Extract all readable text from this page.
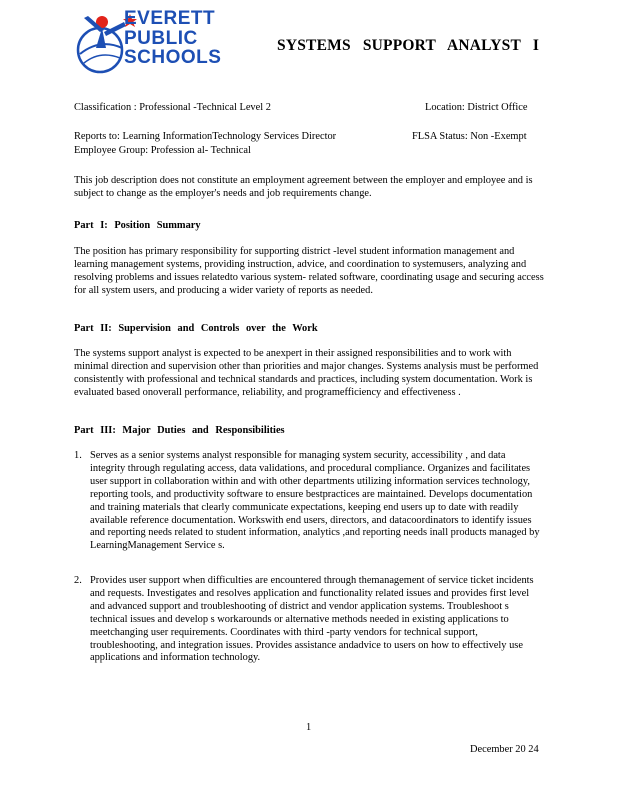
EVERETT
PUBLIC
SCHOOLS
SYSTEMS SUPPORT ANALYST I
Classification : Professional -Technical Level 2	Location: District Office
Reports to: Learning InformationTechnology Services Director	FLSA Status: Non -Exempt
Employee Group: Profession al- Technical
This job description does not constitute an employment agreement between the employer and employee and is subject to change as the employer's needs and job requirements change.
Part I: Position Summary
The position has primary responsibility for supporting district -level student information management and learning management systems, providing instruction, advice, and coordination to systemusers, analyzing and resolving problems and issues relatedto various system- related software, coordinating usage and securing access for all system users, and producing a wider variety of reports as needed.
Part II: Supervision and Controls over the Work
The systems support analyst is expected to be anexpert in their assigned responsibilities and to work with minimal direction and supervision other than priorities and major changes. Systems analysis must be performed consistently with professional and technical standards and practices, including system documentation. Work is evaluated based onoverall performance, reliability, and programefficiency and effectiveness .
Part III: Major Duties and Responsibilities
1. Serves as a senior systems analyst responsible for managing system security, accessibility , and data integrity through regulating access, data validations, and procedural compliance. Organizes and facilitates user support in collaboration within and with other departments utilizing information services technology, reporting tools, and productivity software to ensure bestpractices are maintained. Develops documentation and training materials that clearly communicate expectations, keeping end users up to date with readily available reference documentation. Workswith end users, directors, and datacoordinators to identify issues and reporting needs related to student information, analytics ,and reporting needs inall products managed by LearningManagement Service s.
2. Provides user support when difficulties are encountered through themanagement of service ticket incidents and requests. Investigates and resolves application and functionality related issues and provides first level and advanced support and troubleshooting of district and vendor application systems. Troubleshoot s technical issues and develop s workarounds or alternative methods needed in existing applications to meetchanging user requirements. Coordinates with third -party vendors for technical support, troubleshooting, and integration issues. Provides assistance andadvice to users on how to effectively use applications and information technology.
1
December 20 24
